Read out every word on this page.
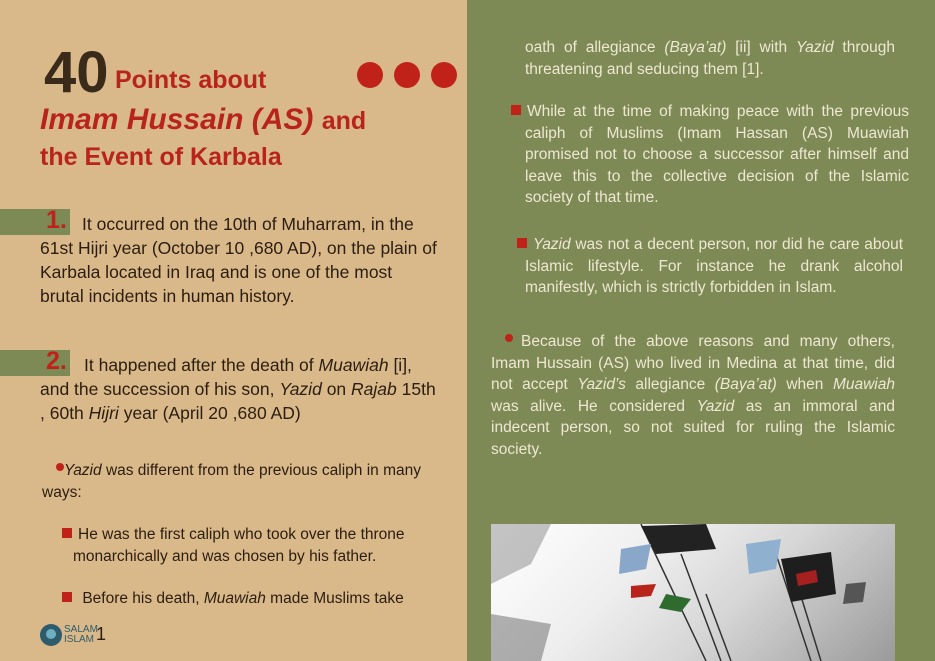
40 Points about
Imam Hussain (AS) and
the Event of Karbala
1. It occurred on the 10th of Muharram, in the 61st Hijri year (October 10 ,680 AD), on the plain of Karbala located in Iraq and is one of the most brutal incidents in human history.
2. It happened after the death of Muawiah [i], and the succession of his son, Yazid on Rajab 15th , 60th Hijri year (April 20 ,680 AD)
Yazid was different from the previous caliph in many ways:
He was the first caliph who took over the throne monarchically and was chosen by his father.
Before his death, Muawiah made Muslims take
SALAM
ISLAM 1
oath of allegiance (Baya’at) [ii] with Yazid through threatening and seducing them [1].
While at the time of making peace with the previous caliph of Muslims (Imam Hassan (AS) Muawiah promised not to choose a successor after himself and leave this to the collective decision of the Islamic society of that time.
Yazid was not a decent person, nor did he care about Islamic lifestyle. For instance he drank alcohol manifestly, which is strictly forbidden in Islam.
Because of the above reasons and many others, Imam Hussain (AS) who lived in Medina at that time, did not accept Yazid’s allegiance (Baya’at) when Muawiah was alive. He considered Yazid as an immoral and indecent person, so not suited for ruling the Islamic society.
